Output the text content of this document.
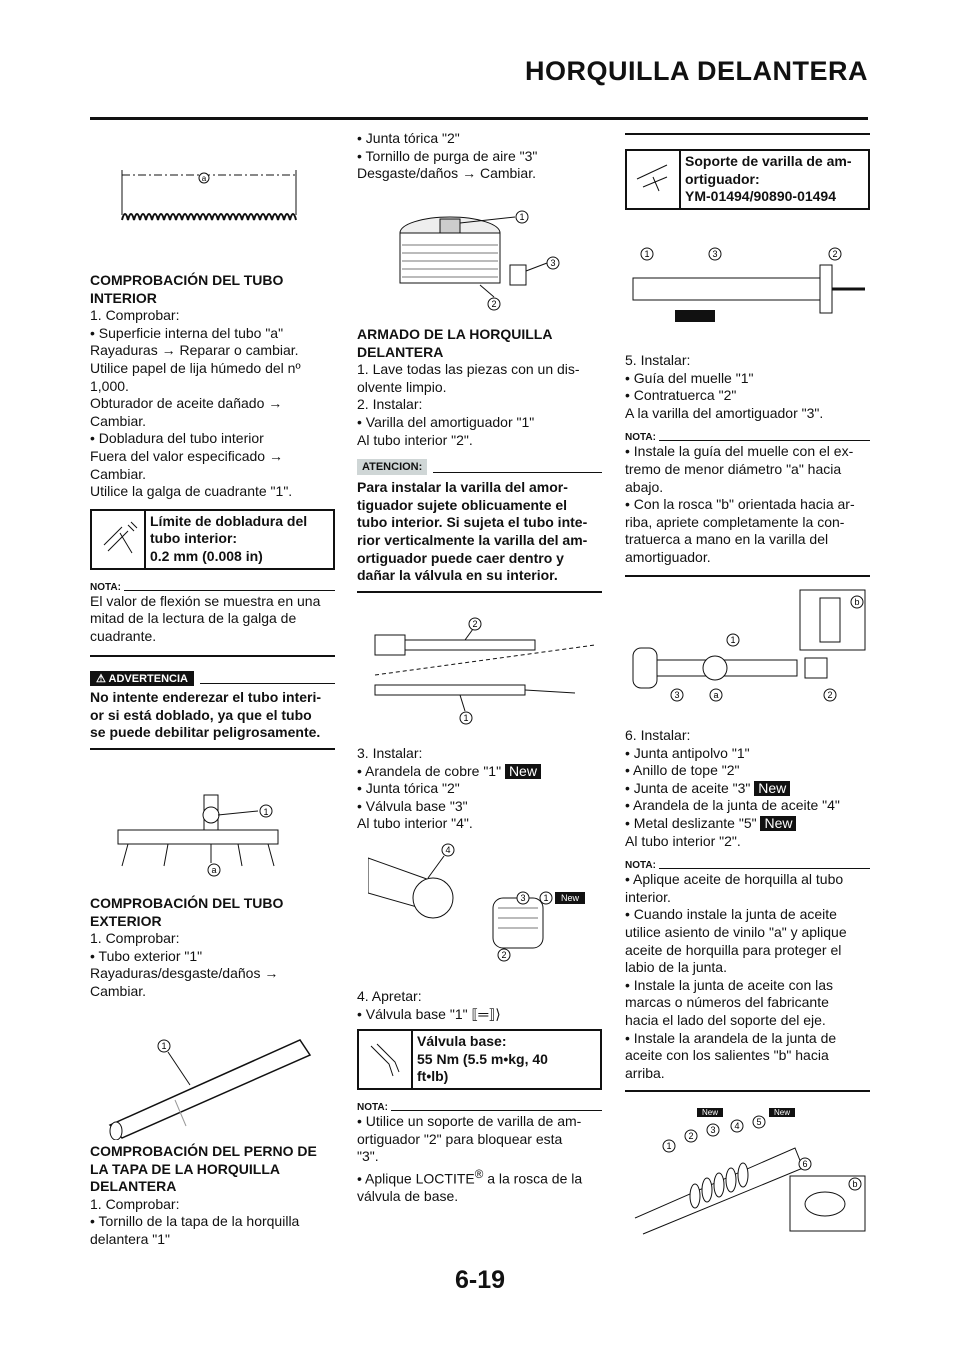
HORQUILLA DELANTERA
a
COMPROBACIÓN DEL TUBO
INTERIOR
1. Comprobar:
• Superficie interna del tubo "a"
Rayaduras → Reparar o cambiar.
Utilice papel de lija húmedo del nº
1,000.
Obturador de aceite dañado →
Cambiar.
• Dobladura del tubo interior
Fuera del valor especificado →
Cambiar.
Utilice la galga de cuadrante "1".
Límite de dobladura del
tubo interior:
0.2 mm (0.008 in)
NOTA:
El valor de flexión se muestra en una
mitad de la lectura de la galga de
cuadrante.
⚠ ADVERTENCIA
No intente enderezar el tubo interi-
or si está doblado, ya que el tubo
se puede debilitar peligrosamente.
1
a
COMPROBACIÓN DEL TUBO
EXTERIOR
1. Comprobar:
• Tubo exterior "1"
Rayaduras/desgaste/daños →
Cambiar.
1
COMPROBACIÓN DEL PERNO DE
LA TAPA DE LA HORQUILLA
DELANTERA
1. Comprobar:
• Tornillo de la tapa de la horquilla
delantera "1"
• Junta tórica "2"
• Tornillo de purga de aire "3"
Desgaste/daños → Cambiar.
1
3
2
ARMADO DE LA HORQUILLA
DELANTERA
1. Lave todas las piezas con un dis-
olvente limpio.
2. Instalar:
• Varilla del amortiguador "1"
Al tubo interior "2".
ATENCION:
Para instalar la varilla del amor-
tiguador sujete oblicuamente el
tubo interior. Si sujeta el tubo inte-
rior verticalmente la varilla del am-
ortiguador puede caer dentro y
dañar la válvula en su interior.
2
1
3. Instalar:
• Arandela de cobre "1" New
• Junta tórica "2"
• Válvula base "3"
Al tubo interior "4".
4
3 1 New
2
4. Apretar:
• Válvula base "1" ⟦═⟧⟩
Válvula base:
55 Nm (5.5 m•kg, 40
ft•lb)
NOTA:
• Utilice un soporte de varilla de am-
ortiguador "2" para bloquear esta
"3".
• Aplique LOCTITE® a la rosca de la
válvula de base.
Soporte de varilla de am-
ortiguador:
YM-01494/90890-01494
1	3	2
5. Instalar:
• Guía del muelle "1"
• Contratuerca "2"
A la varilla del amortiguador "3".
NOTA:
• Instale la guía del muelle con el ex-
tremo de menor diámetro "a" hacia
abajo.
• Con la rosca "b" orientada hacia ar-
riba, apriete completamente la con-
tratuerca a mano en la varilla del
amortiguador.
b
1
3	a	2
6. Instalar:
• Junta antipolvo "1"
• Anillo de tope "2"
• Junta de aceite "3" New
• Arandela de la junta de aceite "4"
• Metal deslizante "5" New
Al tubo interior "2".
NOTA:
• Aplique aceite de horquilla al tubo
interior.
• Cuando instale la junta de aceite
utilice asiento de vinilo "a" y aplique
aceite de horquilla para proteger el
labio de la junta.
• Instale la junta de aceite con las
marcas o números del fabricante
hacia el lado del soporte del eje.
• Instale la arandela de la junta de
aceite con los salientes "b" hacia
arriba.
New	New
1
2
3 4 5
6
b
6-19
